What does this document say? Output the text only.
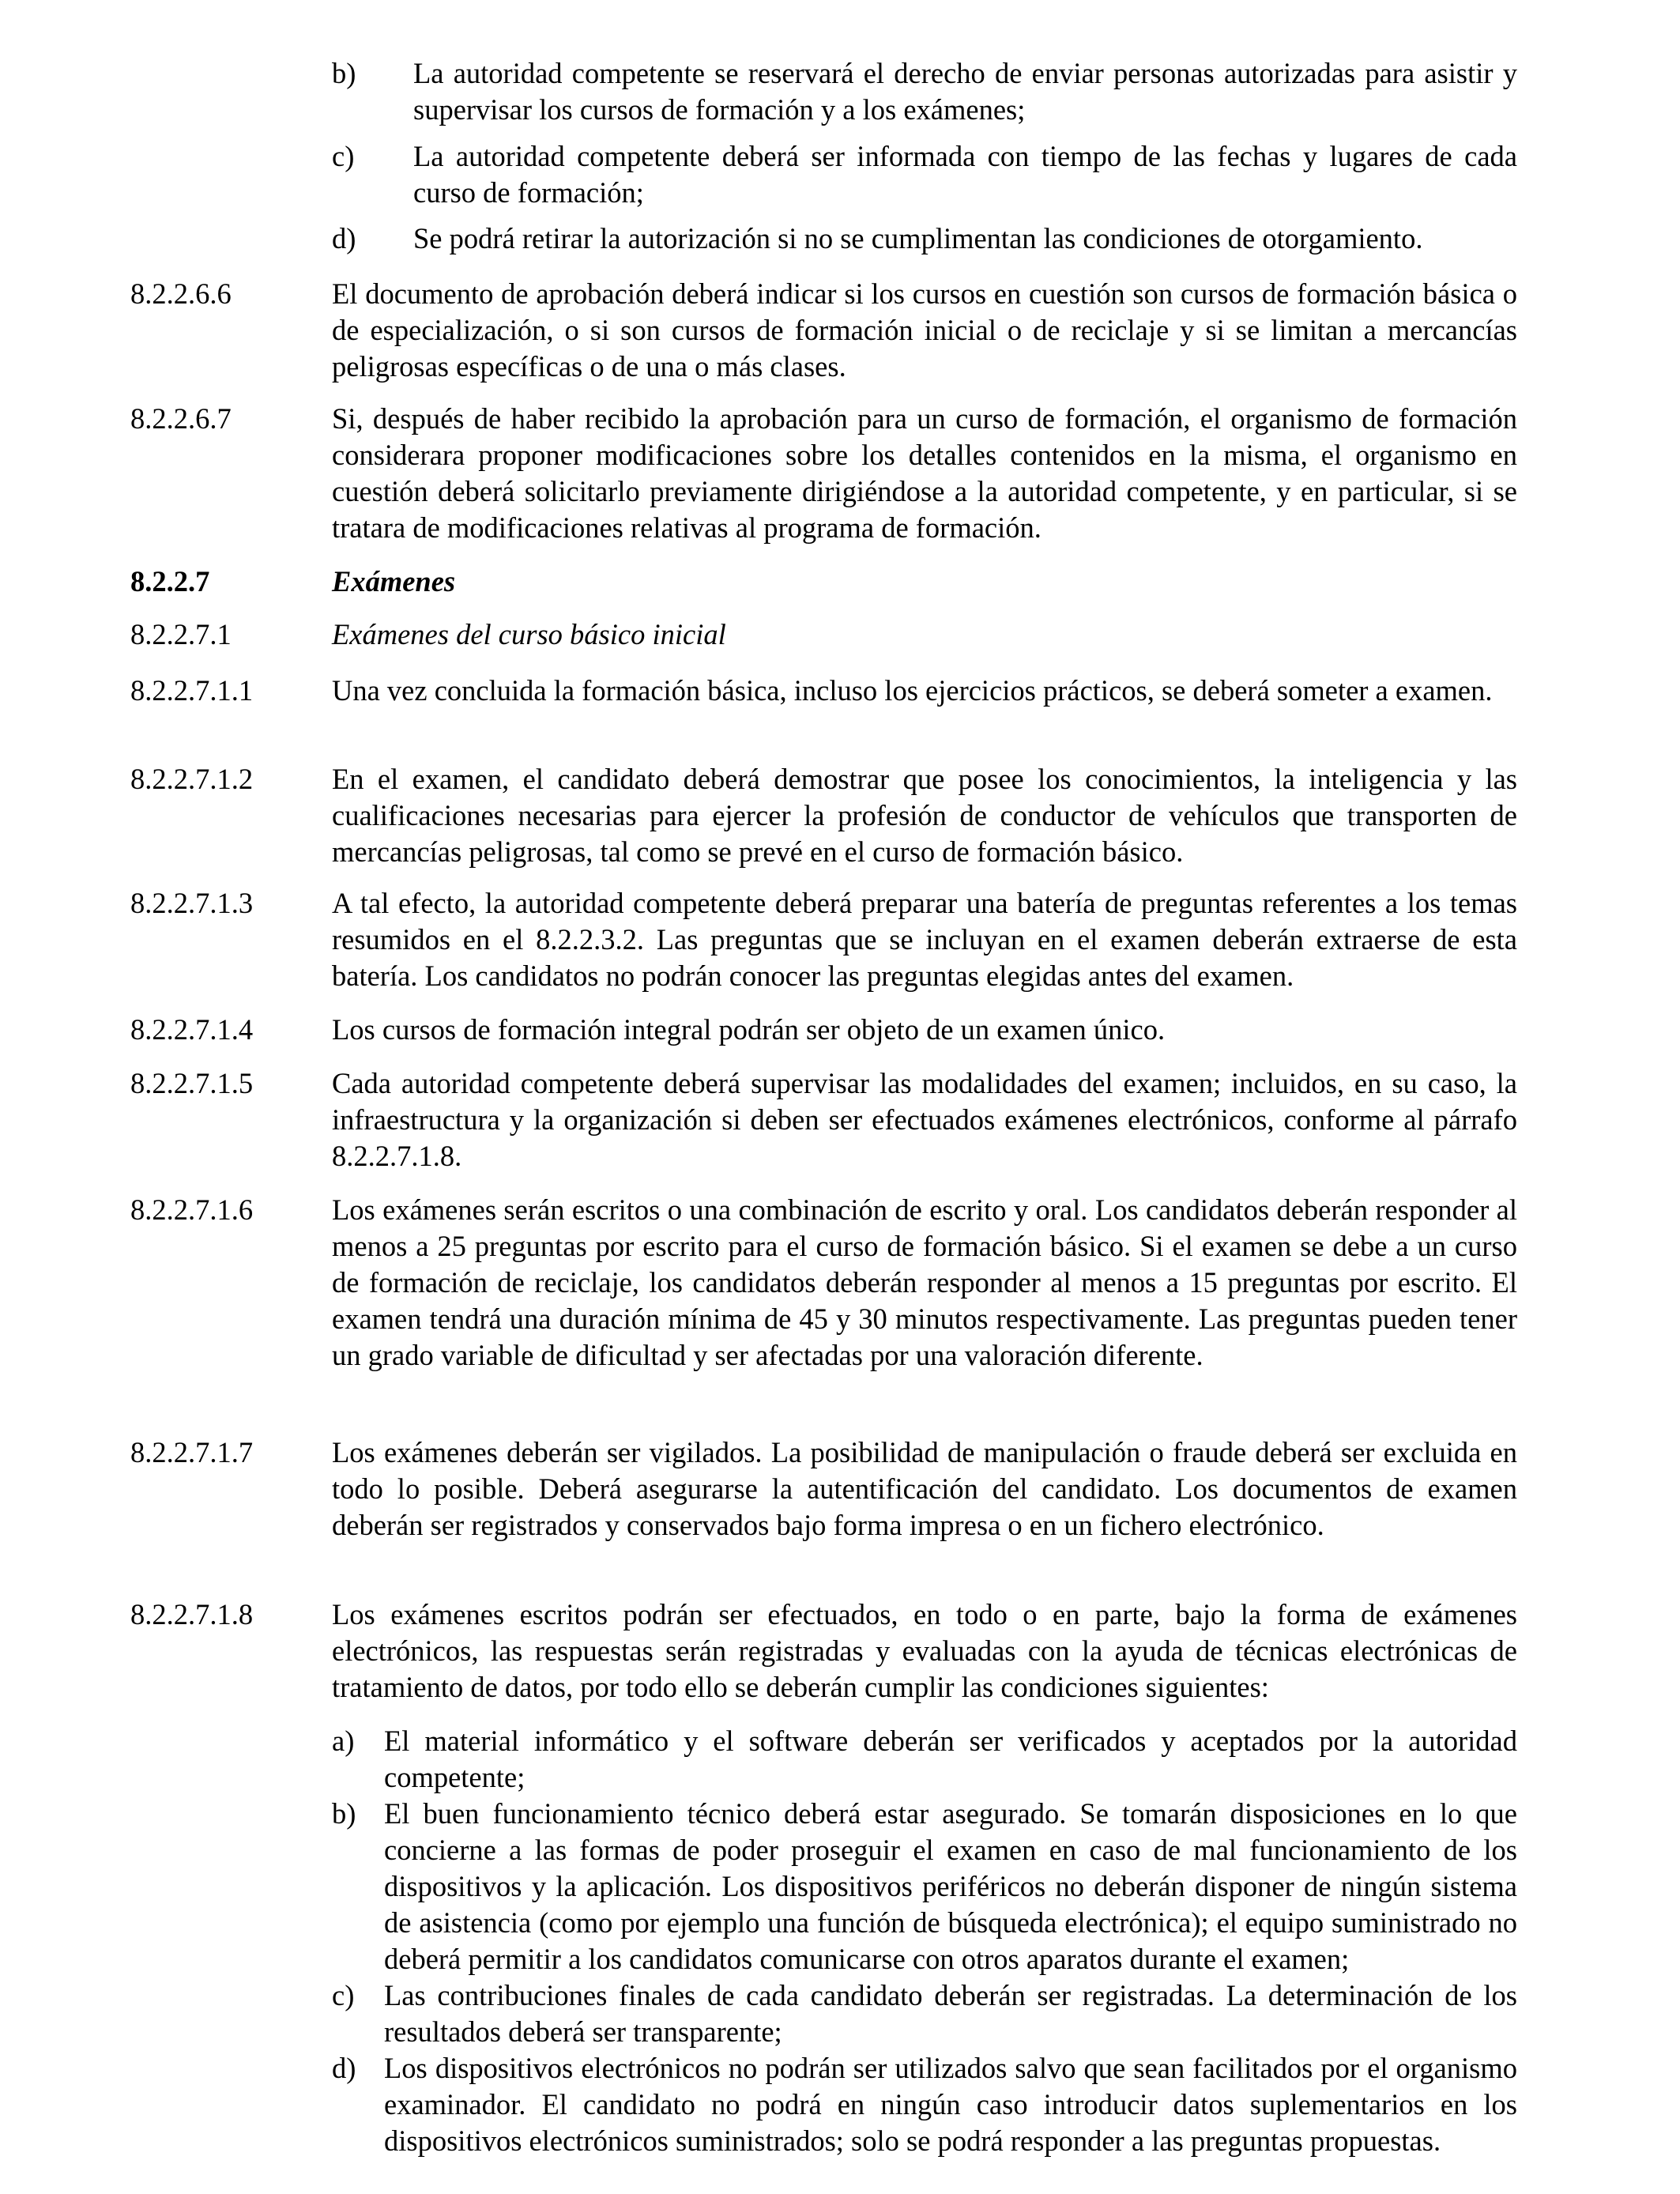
b) La autoridad competente se reservará el derecho de enviar personas autorizadas para asistir y supervisar los cursos de formación y a los exámenes;
c) La autoridad competente deberá ser informada con tiempo de las fechas y lugares de cada curso de formación;
d) Se podrá retirar la autorización si no se cumplimentan las condiciones de otorgamiento.
8.2.2.6.6	El documento de aprobación deberá indicar si los cursos en cuestión son cursos de formación básica o de especialización, o si son cursos de formación inicial o de reciclaje y si se limitan a mercancías peligrosas específicas o de una o más clases.
8.2.2.6.7	Si, después de haber recibido la aprobación para un curso de formación, el organismo de formación considerara proponer modificaciones sobre los detalles contenidos en la misma, el organismo en cuestión deberá solicitarlo previamente dirigiéndose a la autoridad competente, y en particular, si se tratara de modificaciones relativas al programa de formación.
8.2.2.7	Exámenes
8.2.2.7.1	Exámenes del curso básico inicial
8.2.2.7.1.1	Una vez concluida la formación básica, incluso los ejercicios prácticos, se deberá someter a examen.
8.2.2.7.1.2	En el examen, el candidato deberá demostrar que posee los conocimientos, la inteligencia y las cualificaciones necesarias para ejercer la profesión de conductor de vehículos que transporten de mercancías peligrosas, tal como se prevé en el curso de formación básico.
8.2.2.7.1.3	A tal efecto, la autoridad competente deberá preparar una batería de preguntas referentes a los temas resumidos en el 8.2.2.3.2. Las preguntas que se incluyan en el examen deberán extraerse de esta batería. Los candidatos no podrán conocer las preguntas elegidas antes del examen.
8.2.2.7.1.4	Los cursos de formación integral podrán ser objeto de un examen único.
8.2.2.7.1.5	Cada autoridad competente deberá supervisar las modalidades del examen; incluidos, en su caso, la infraestructura y la organización si deben ser efectuados exámenes electrónicos, conforme al párrafo 8.2.2.7.1.8.
8.2.2.7.1.6	Los exámenes serán escritos o una combinación de escrito y oral. Los candidatos deberán responder al menos a 25 preguntas por escrito para el curso de formación básico. Si el examen se debe a un curso de formación de reciclaje, los candidatos deberán responder al menos a 15 preguntas por escrito. El examen tendrá una duración mínima de 45 y 30 minutos respectivamente. Las preguntas pueden tener un grado variable de dificultad y ser afectadas por una valoración diferente.
8.2.2.7.1.7	Los exámenes deberán ser vigilados. La posibilidad de manipulación o fraude deberá ser excluida en todo lo posible. Deberá asegurarse la autentificación del candidato. Los documentos de examen deberán ser registrados y conservados bajo forma impresa o en un fichero electrónico.
8.2.2.7.1.8	Los exámenes escritos podrán ser efectuados, en todo o en parte, bajo la forma de exámenes electrónicos, las respuestas serán registradas y evaluadas con la ayuda de técnicas electrónicas de tratamiento de datos, por todo ello se deberán cumplir las condiciones siguientes:
a) El material informático y el software deberán ser verificados y aceptados por la autoridad competente;
b) El buen funcionamiento técnico deberá estar asegurado. Se tomarán disposiciones en lo que concierne a las formas de poder proseguir el examen en caso de mal funcionamiento de los dispositivos y la aplicación. Los dispositivos periféricos no deberán disponer de ningún sistema de asistencia (como por ejemplo una función de búsqueda electrónica); el equipo suministrado no deberá permitir a los candidatos comunicarse con otros aparatos durante el examen;
c) Las contribuciones finales de cada candidato deberán ser registradas. La determinación de los resultados deberá ser transparente;
d) Los dispositivos electrónicos no podrán ser utilizados salvo que sean facilitados por el organismo examinador. El candidato no podrá en ningún caso introducir datos suplementarios en los dispositivos electrónicos suministrados; solo se podrá responder a las preguntas propuestas.
